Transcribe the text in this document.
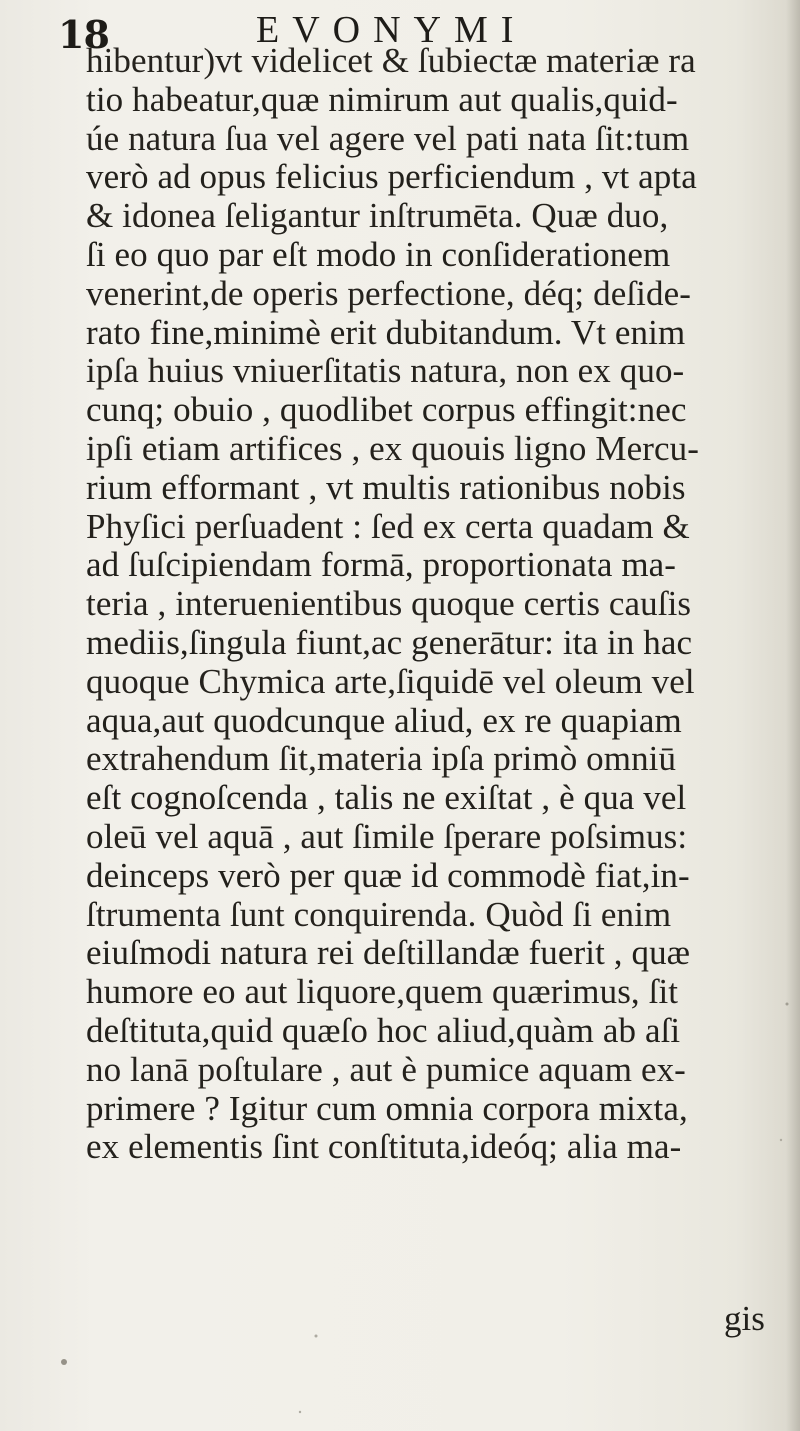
18	EVONYMI
hibentur)vt videlicet & ſubiectæ materiæ ra
tio habeatur,quæ nimirum aut qualis,quid-
úe natura ſua vel agere vel pati nata ſit:tum
verò ad opus felicius perficiendum , vt apta
& idonea ſeligantur inſtrumēta. Quæ duo,
ſi eo quo par eſt modo in conſiderationem
venerint,de operis perfectione, déq; deſide-
rato fine,minimè erit dubitandum. Vt enim
ipſa huius vniuerſitatis natura, non ex quo-
cunq; obuio , quodlibet corpus effingit:nec
ipſi etiam artifices , ex quouis ligno Mercu-
rium efformant , vt multis rationibus nobis
Phyſici perſuadent : ſed ex certa quadam &
ad ſuſcipiendam formā, proportionata ma-
teria , interuenientibus quoque certis cauſis
mediis,ſingula fiunt,ac generātur: ita in hac
quoque Chymica arte,ſiquidē vel oleum vel
aqua,aut quodcunque aliud, ex re quapiam
extrahendum ſit,materia ipſa primò omniū
eſt cognoſcenda , talis ne exiſtat , è qua vel
oleū vel aquā , aut ſimile ſperare poſsimus:
deinceps verò per quæ id commodè fiat,in-
ſtrumenta ſunt conquirenda. Quòd ſi enim
eiuſmodi natura rei deſtillandæ fuerit , quæ
humore eo aut liquore,quem quærimus, ſit
deſtituta,quid quæſo hoc aliud,quàm ab aſi
no lanā poſtulare , aut è pumice aquam ex-
primere ? Igitur cum omnia corpora mixta,
ex elementis ſint conſtituta,ideóq; alia ma-
gis
